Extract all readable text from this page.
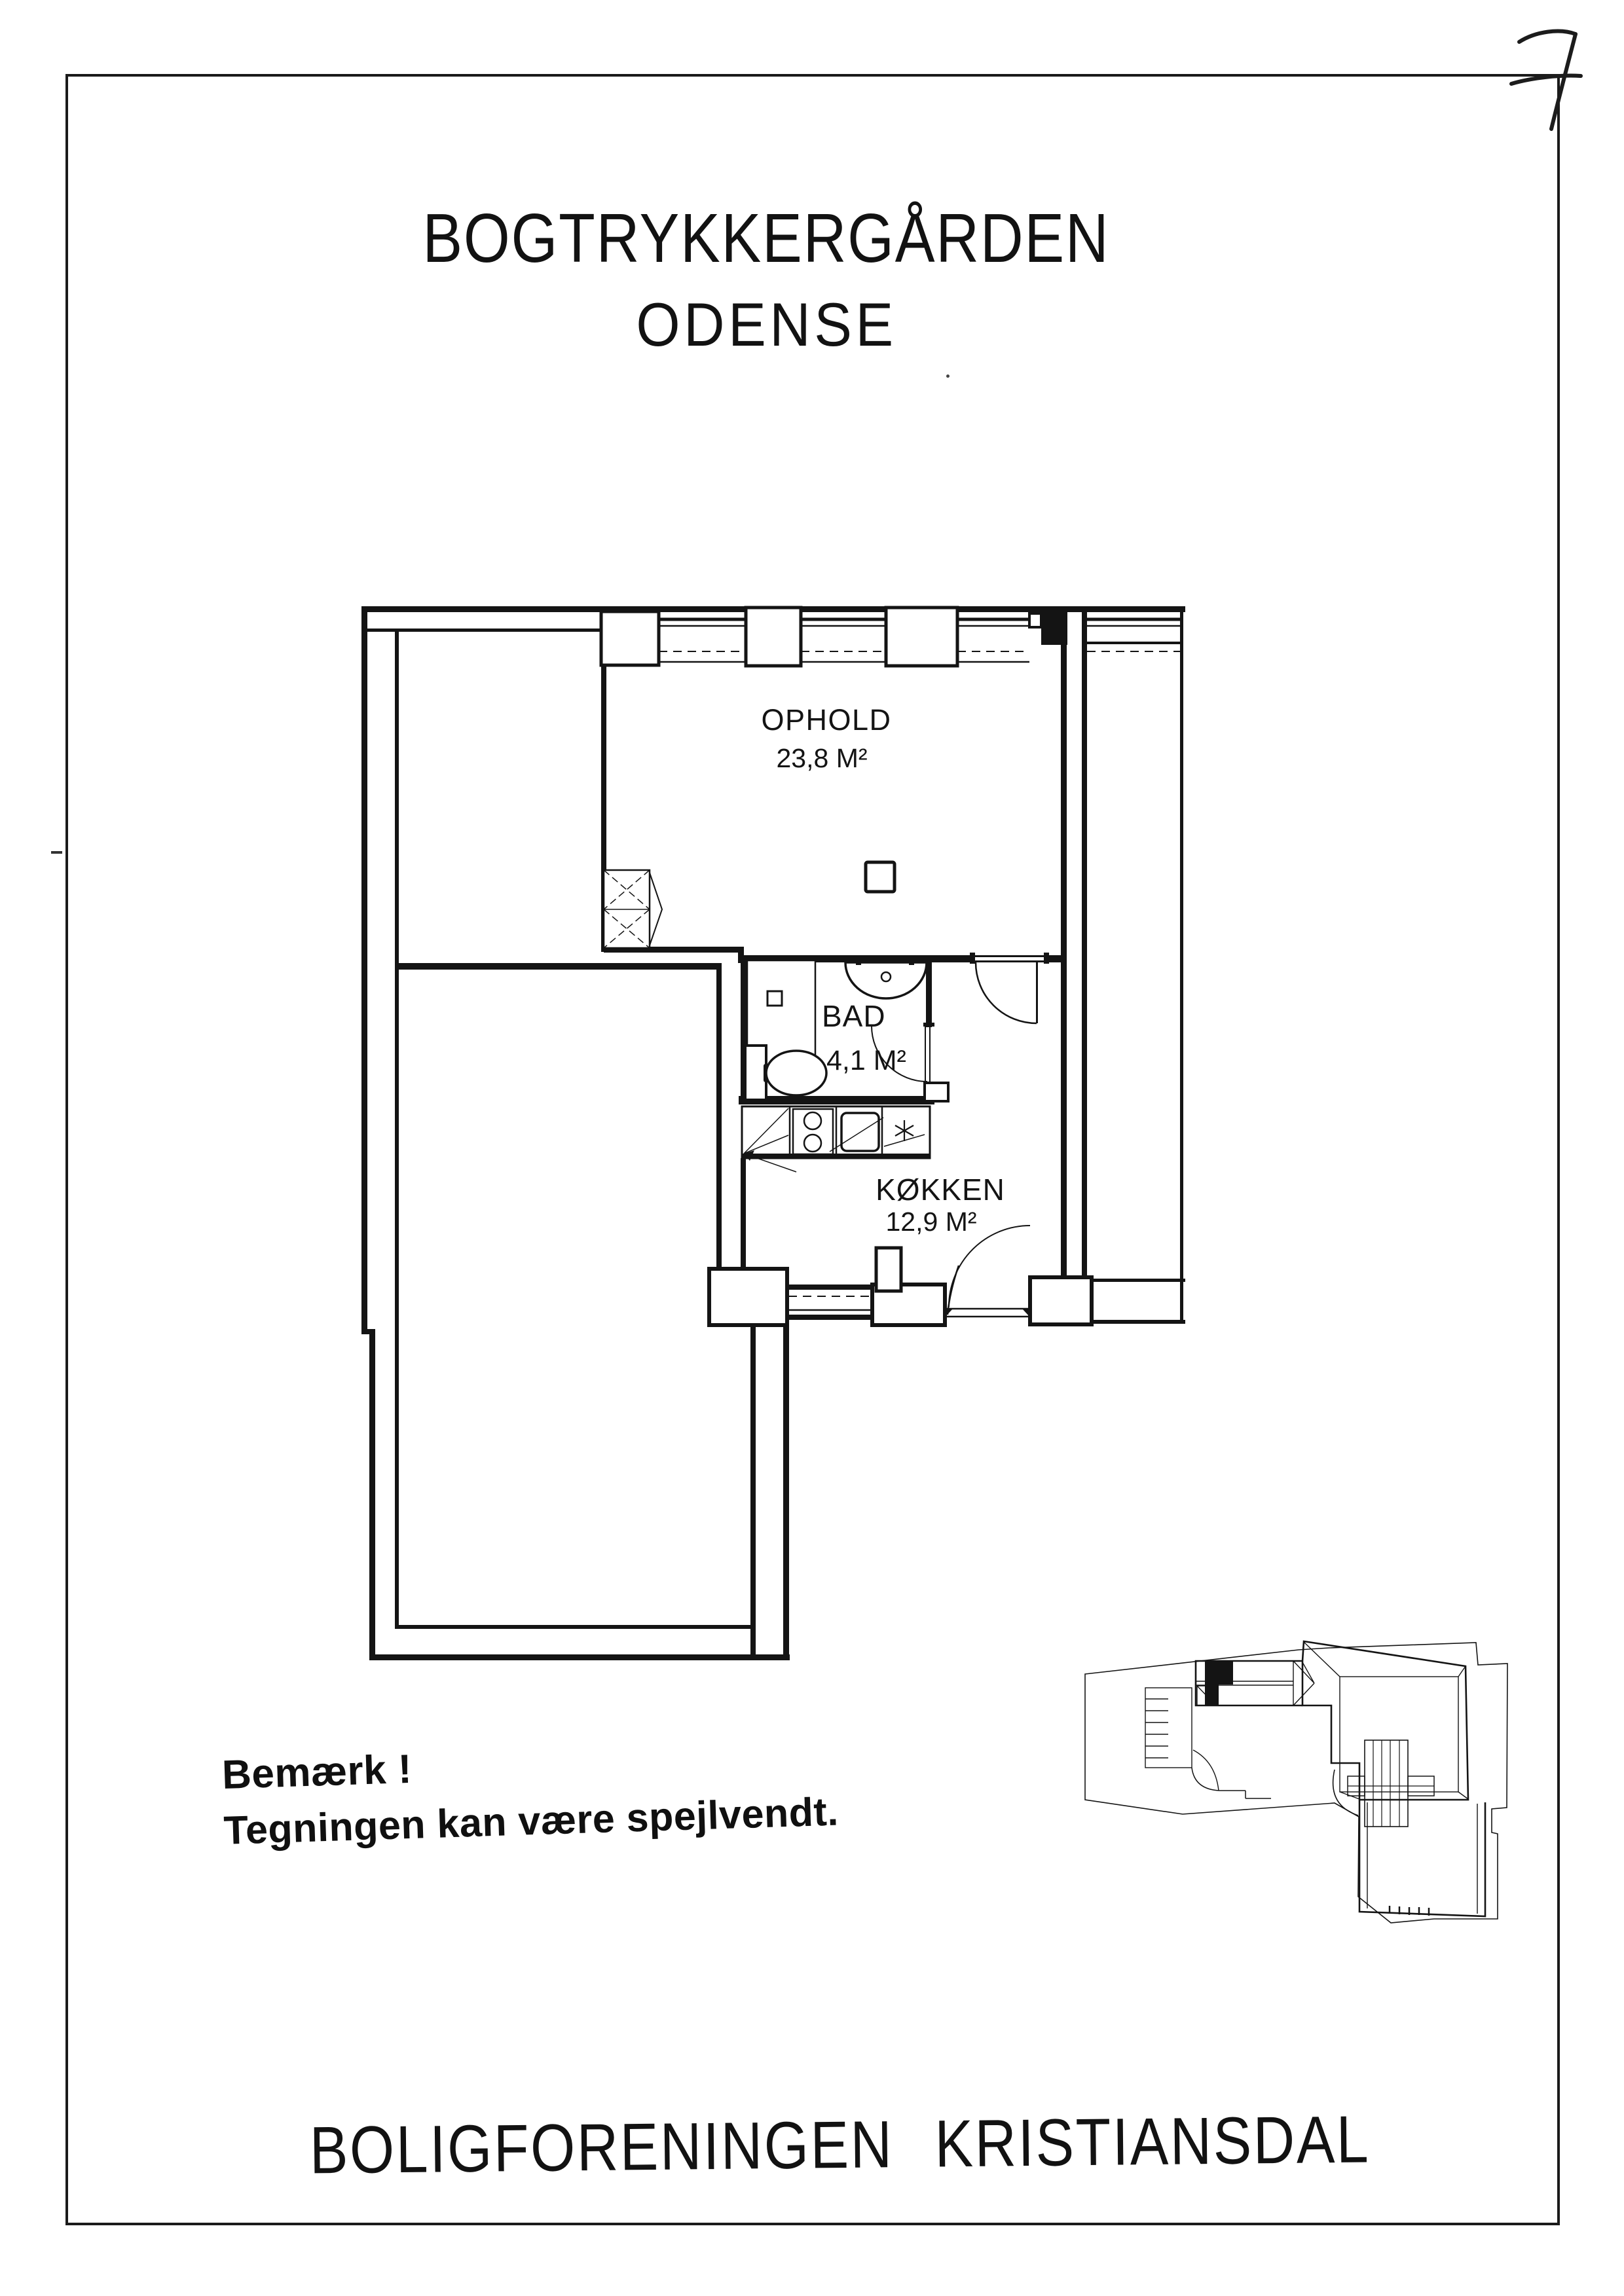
BOGTRYKKERGÅRDEN
ODENSE
OPHOLD
23,8 M²
BAD
4,1 M²
KØKKEN
12,9 M²
Bemærk !
Tegningen kan være spejlvendt.
BOLIGFORENINGEN KRISTIANSDAL
